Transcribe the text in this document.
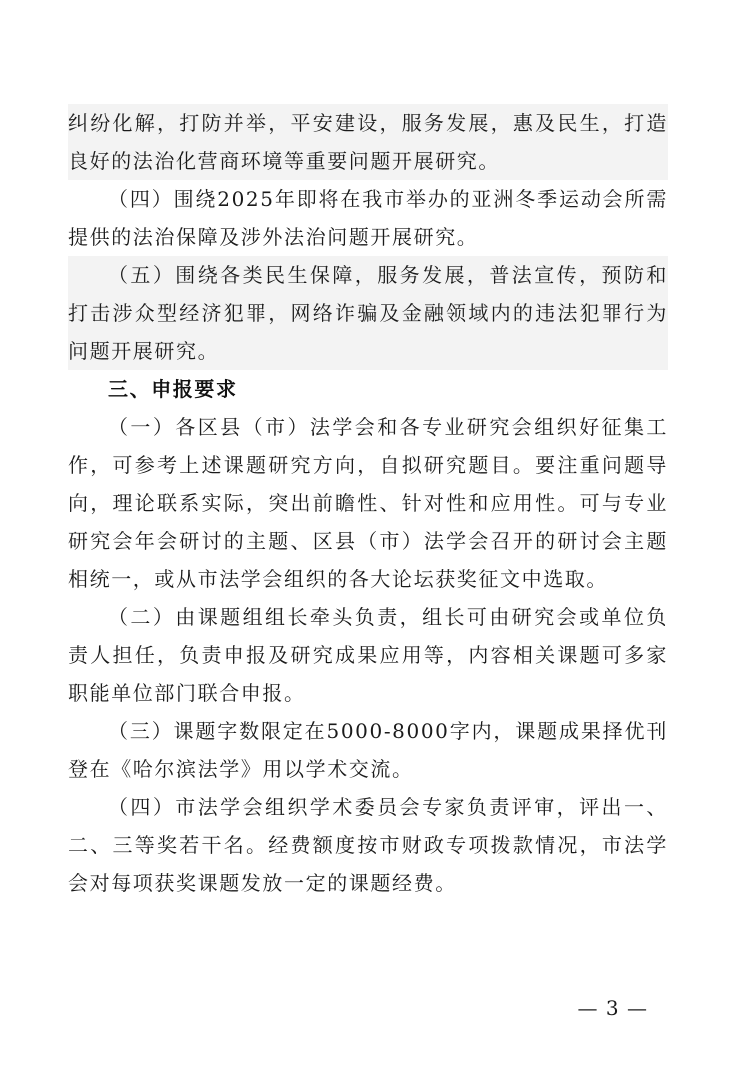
纠纷化解，打防并举，平安建设，服务发展，惠及民生，打造良好的法治化营商环境等重要问题开展研究。

（四）围绕2025年即将在我市举办的亚洲冬季运动会所需提供的法治保障及涉外法治问题开展研究。

（五）围绕各类民生保障，服务发展，普法宣传，预防和打击涉众型经济犯罪，网络诈骗及金融领域内的违法犯罪行为问题开展研究。

三、申报要求

（一）各区县（市）法学会和各专业研究会组织好征集工作，可参考上述课题研究方向，自拟研究题目。要注重问题导向，理论联系实际，突出前瞻性、针对性和应用性。可与专业研究会年会研讨的主题、区县（市）法学会召开的研讨会主题相统一，或从市法学会组织的各大论坛获奖征文中选取。

（二）由课题组组长牵头负责，组长可由研究会或单位负责人担任，负责申报及研究成果应用等，内容相关课题可多家职能单位部门联合申报。

（三）课题字数限定在5000-8000字内，课题成果择优刊登在《哈尔滨法学》用以学术交流。

（四）市法学会组织学术委员会专家负责评审，评出一、二、三等奖若干名。经费额度按市财政专项拨款情况，市法学会对每项获奖课题发放一定的课题经费。

— 3 —
